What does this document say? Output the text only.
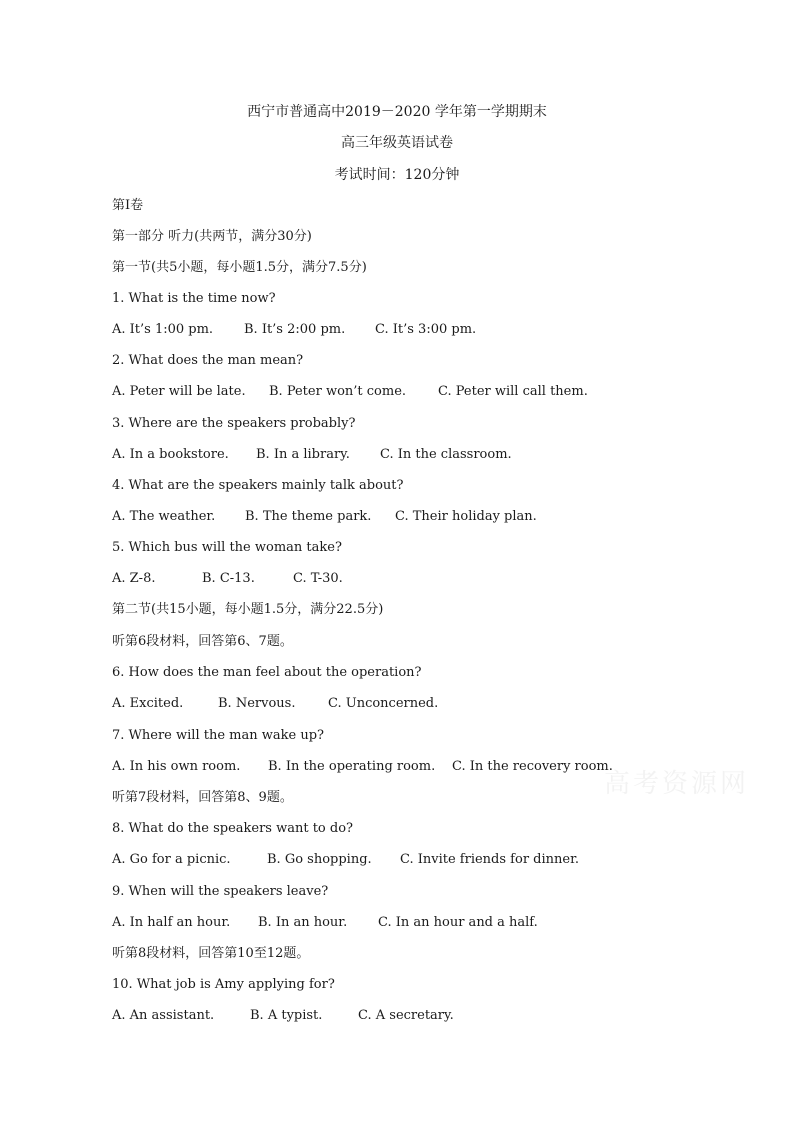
西宁市普通高中2019－2020 学年第一学期期末
高三年级英语试卷
考试时间：120分钟
第Ⅰ卷
第一部分 听力(共两节，满分30分)
第一节(共5小题，每小题1.5分，满分7.5分)
1. What is the time now?
A. It’s 1:00 pm. B. It’s 2:00 pm. C. It’s 3:00 pm.
2. What does the man mean?
A. Peter will be late. B. Peter won’t come. C. Peter will call them.
3. Where are the speakers probably?
A. In a bookstore. B. In a library. C. In the classroom.
4. What are the speakers mainly talk about?
A. The weather. B. The theme park. C. Their holiday plan.
5. Which bus will the woman take?
A. Z-8.	B. C-13.	C. T-30.
第二节(共15小题，每小题1.5分，满分22.5分)
听第6段材料，回答第6、7题。
6. How does the man feel about the operation?
A. Excited.	B. Nervous.	C. Unconcerned.
7. Where will the man wake up?
A. In his own room. B. In the operating room. C. In the recovery room.
听第7段材料，回答第8、9题。
8. What do the speakers want to do?
A. Go for a picnic.	B. Go shopping. C. Invite friends for dinner.
9. When will the speakers leave?
A. In half an hour. B. In an hour. C. In an hour and a half.
听第8段材料，回答第10至12题。
10. What job is Amy applying for?
A. An assistant.	B. A typist.	C. A secretary.
高考资源网
